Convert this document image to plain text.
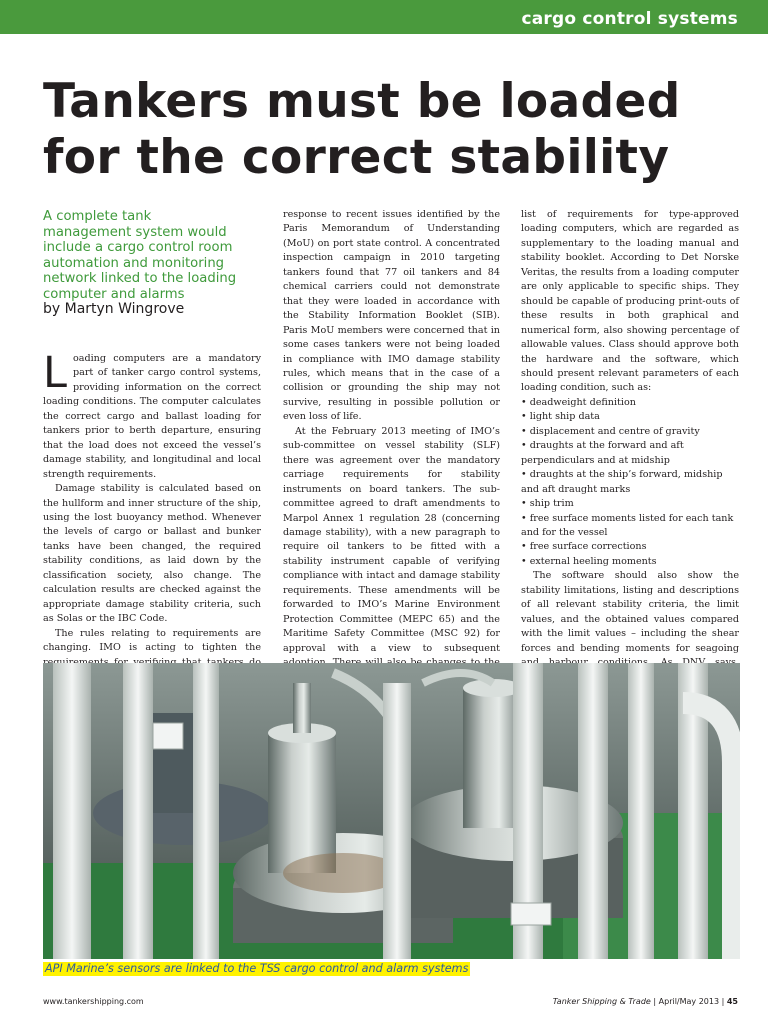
cargo control systems
Tankers must be loaded
for the correct stability
A complete tank management system would include a cargo control room automation and monitoring network linked to the loading computer and alarms
by Martyn Wingrove

Loading computers are a mandatory part of tanker cargo control systems, providing information on the correct loading conditions. The computer calculates the correct cargo and ballast loading for tankers prior to berth departure, ensuring that the load does not exceed the vessel’s damage stability, and longitudinal and local strength requirements.

Damage stability is calculated based on the hullform and inner structure of the ship, using the lost buoyancy method. Whenever the levels of cargo or ballast and bunker tanks have been changed, the required stability conditions, as laid down by the classification society, also change. The calculation results are checked against the appropriate damage stability criteria, such as Solas or the IBC Code.

The rules relating to requirements are changing. IMO is acting to tighten the

response to recent issues identified by the Paris Memorandum of Understanding (MoU) on port state control. A concentrated inspection campaign in 2010 targeting tankers found that 77 oil tankers and 84 chemical carriers could not demonstrate that they were loaded in accordance with the Stability Information Booklet (SIB). Paris MoU members were concerned that in some cases tankers were not being loaded in compliance with IMO damage stability rules, which means that in the case of a collision or grounding the ship may not survive, resulting in possible pollution or even loss of life.

At the February 2013 meeting of IMO’s sub-committee on vessel stability (SLF) there was agreement over the mandatory carriage requirements for stability instruments on board tankers. The sub-committee agreed to draft amendments to Marpol Annex 1 regulation 28 (concerning damage stability), with a new paragraph to require oil tankers to be fitted with a stability instrument capable of verifying compliance with intact and damage stability requirements. These amendments will be forwarded to IMO’s Marine Environment Protection Committee (MEPC 65) and the Maritime Safety Committee (MSC 92) for approval with a view to subsequent

list of requirements for type-approved loading computers, which are regarded as supplementary to the loading manual and stability booklet. According to Det Norske Veritas, the results from a loading computer are only applicable to specific ships. They should be capable of producing print-outs of these results in both graphical and numerical form, also showing percentage of allowable values. Class should approve both the hardware and the software, which should present relevant parameters of each loading condition, such as:

• deadweight definition
• light ship data
• displacement and centre of gravity
• draughts at the forward and aft perpendiculars and at midship
• draughts at the ship’s forward, midship and aft draught marks
• ship trim
• free surface moments listed for each tank and for the vessel
• free surface corrections
• external heeling moments

The software should also show the stability limitations, listing and descriptions of all relevant stability criteria, the limit values, and the obtained values compared with the limit values – including the shear forces and bending moments for seagoing

API Marine’s sensors are linked to the TSS cargo control and alarm systems
www.tankershipping.com	Tanker Shipping & Trade | April/May 2013 | 45
